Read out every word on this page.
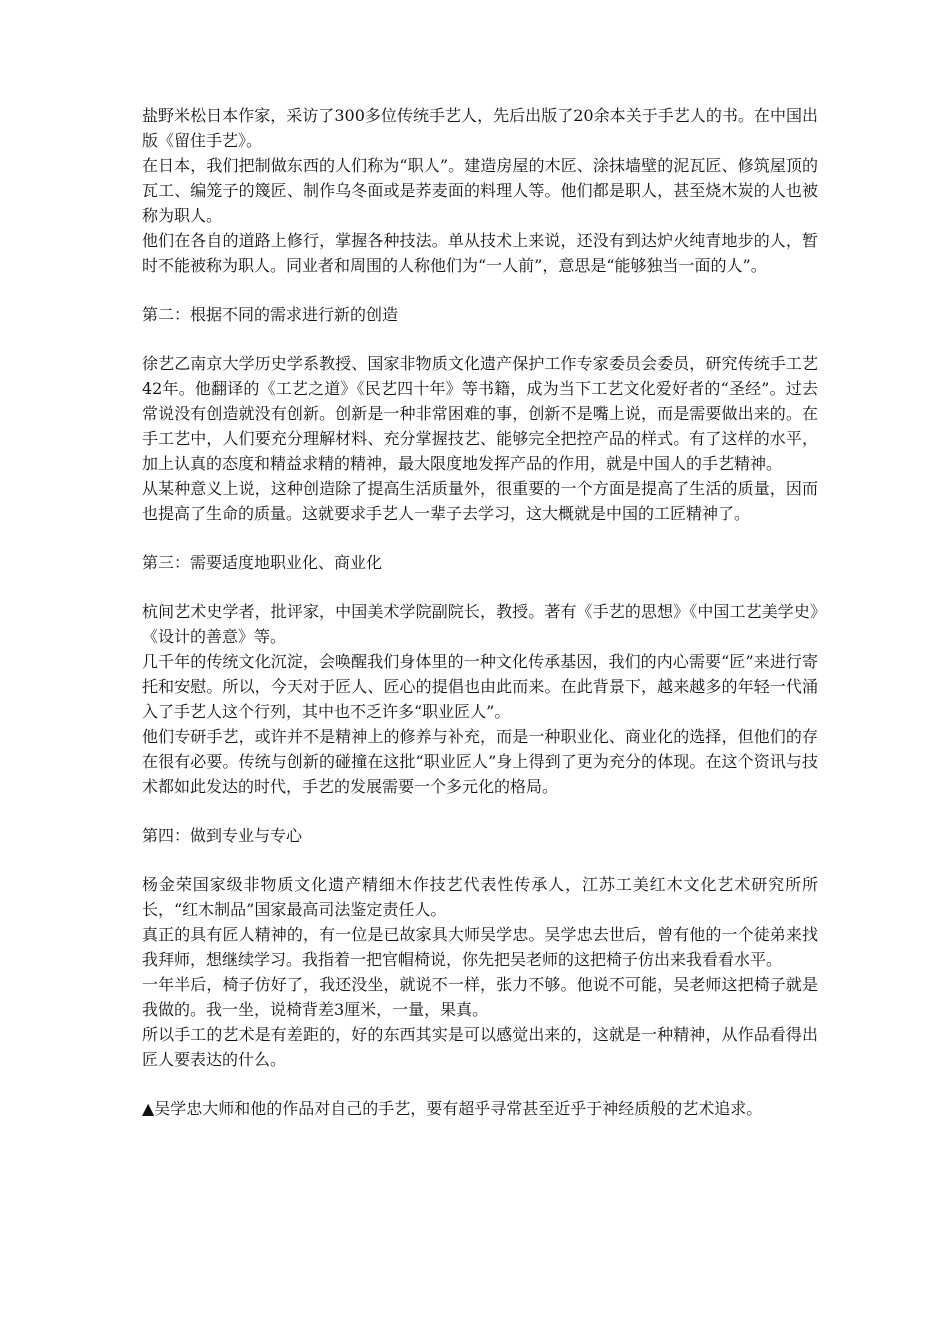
盐野米松日本作家，采访了300多位传统手艺人，先后出版了20余本关于手艺人的书。在中国出版《留住手艺》。

在日本，我们把制做东西的人们称为“职人”。建造房屋的木匠、涂抹墙壁的泥瓦匠、修筑屋顶的瓦工、编笼子的篾匠、制作乌冬面或是荞麦面的料理人等。他们都是职人，甚至烧木炭的人也被称为职人。

他们在各自的道路上修行，掌握各种技法。单从技术上来说，还没有到达炉火纯青地步的人，暂时不能被称为职人。同业者和周围的人称他们为“一人前”，意思是“能够独当一面的人”。

第二：根据不同的需求进行新的创造

徐艺乙南京大学历史学系教授、国家非物质文化遗产保护工作专家委员会委员，研究传统手工艺42年。他翻译的《工艺之道》《民艺四十年》等书籍，成为当下工艺文化爱好者的“圣经”。过去常说没有创造就没有创新。创新是一种非常困难的事，创新不是嘴上说，而是需要做出来的。在手工艺中，人们要充分理解材料、充分掌握技艺、能够完全把控产品的样式。有了这样的水平，加上认真的态度和精益求精的精神，最大限度地发挥产品的作用，就是中国人的手艺精神。

从某种意义上说，这种创造除了提高生活质量外，很重要的一个方面是提高了生活的质量，因而也提高了生命的质量。这就要求手艺人一辈子去学习，这大概就是中国的工匠精神了。

第三：需要适度地职业化、商业化

杭间艺术史学者，批评家，中国美术学院副院长，教授。著有《手艺的思想》《中国工艺美学史》《设计的善意》等。

几千年的传统文化沉淀，会唤醒我们身体里的一种文化传承基因，我们的内心需要“匠”来进行寄托和安慰。所以，今天对于匠人、匠心的提倡也由此而来。在此背景下，越来越多的年轻一代涌入了手艺人这个行列，其中也不乏许多“职业匠人”。

他们专研手艺，或许并不是精神上的修养与补充，而是一种职业化、商业化的选择，但他们的存在很有必要。传统与创新的碰撞在这批“职业匠人”身上得到了更为充分的体现。在这个资讯与技术都如此发达的时代，手艺的发展需要一个多元化的格局。

第四：做到专业与专心

杨金荣国家级非物质文化遗产精细木作技艺代表性传承人，江苏工美红木文化艺术研究所所长，“红木制品”国家最高司法鉴定责任人。

真正的具有匠人精神的，有一位是已故家具大师吴学忠。吴学忠去世后，曾有他的一个徒弟来找我拜师，想继续学习。我指着一把官帽椅说，你先把吴老师的这把椅子仿出来我看看水平。

一年半后，椅子仿好了，我还没坐，就说不一样，张力不够。他说不可能，吴老师这把椅子就是我做的。我一坐，说椅背差3厘米，一量，果真。

所以手工的艺术是有差距的，好的东西其实是可以感觉出来的，这就是一种精神，从作品看得出匠人要表达的什么。

▲吴学忠大师和他的作品对自己的手艺，要有超乎寻常甚至近乎于神经质般的艺术追求。
